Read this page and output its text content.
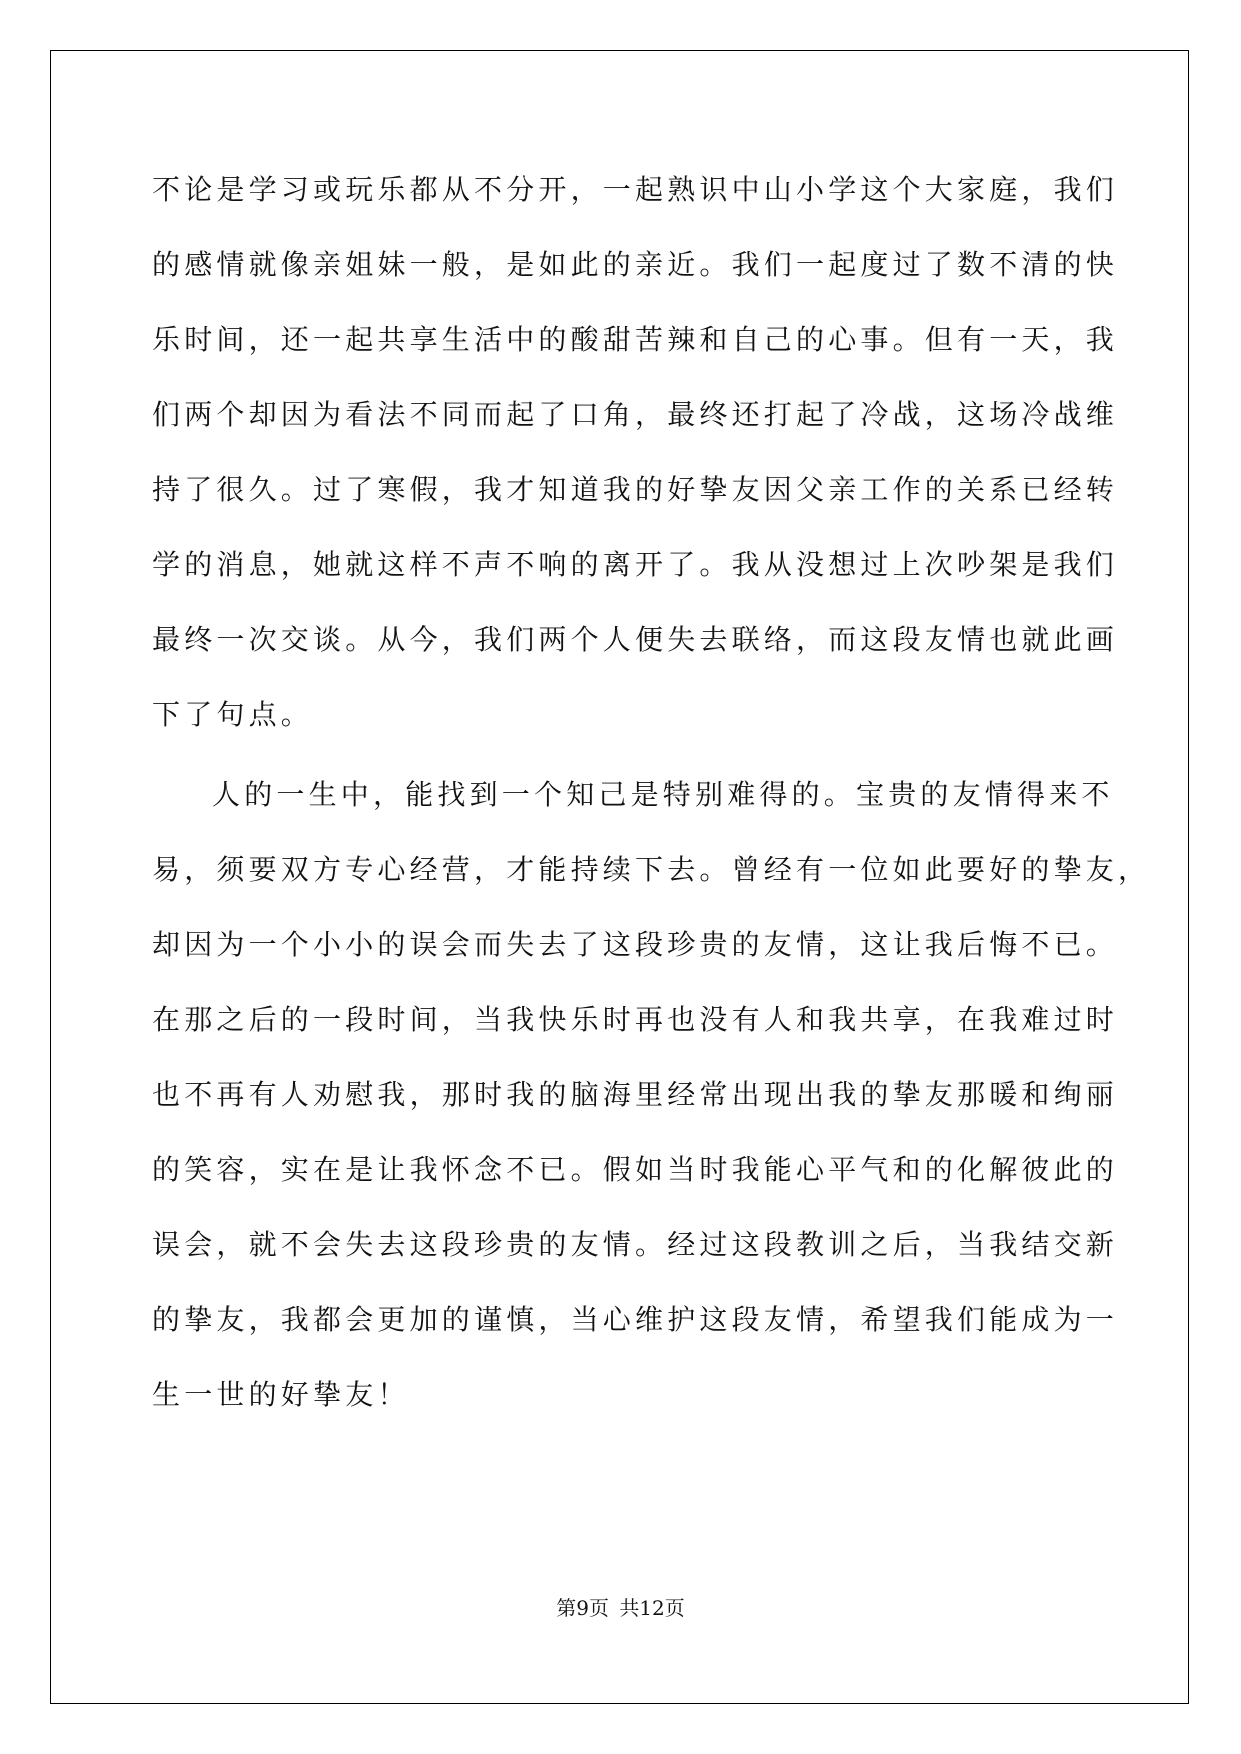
不论是学习或玩乐都从不分开，一起熟识中山小学这个大家庭，我们
的感情就像亲姐妹一般，是如此的亲近。我们一起度过了数不清的快
乐时间，还一起共享生活中的酸甜苦辣和自己的心事。但有一天，我
们两个却因为看法不同而起了口角，最终还打起了冷战，这场冷战维
持了很久。过了寒假，我才知道我的好挚友因父亲工作的关系已经转
学的消息，她就这样不声不响的离开了。我从没想过上次吵架是我们
最终一次交谈。从今，我们两个人便失去联络，而这段友情也就此画
下了句点。
人的一生中，能找到一个知己是特别难得的。宝贵的友情得来不
易，须要双方专心经营，才能持续下去。曾经有一位如此要好的挚友，
却因为一个小小的误会而失去了这段珍贵的友情，这让我后悔不已。
在那之后的一段时间，当我快乐时再也没有人和我共享，在我难过时
也不再有人劝慰我，那时我的脑海里经常出现出我的挚友那暖和绚丽
的笑容，实在是让我怀念不已。假如当时我能心平气和的化解彼此的
误会，就不会失去这段珍贵的友情。经过这段教训之后，当我结交新
的挚友，我都会更加的谨慎，当心维护这段友情，希望我们能成为一
生一世的好挚友！
第9页 共12页
